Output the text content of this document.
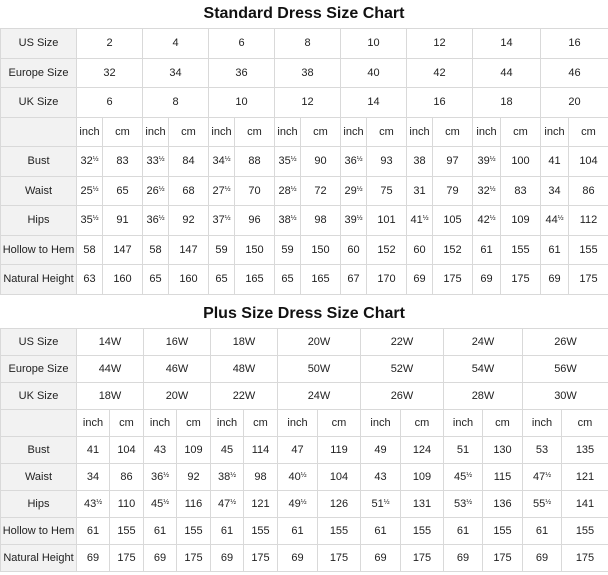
Standard Dress Size Chart
US Size	2		4		6		8		10		12		14		16	
Europe Size	32		34		36		38		40		42		44		46	
UK Size	6		8		10		12		14		16		18		20	
	inch	cm	inch	cm	inch	cm	inch	cm	inch	cm	inch	cm	inch	cm	inch	cm
Bust	$32^{\frac{1}{2}}$	83	$33^{\frac{1}{2}}$	84	$34^{\frac{1}{2}}$	88	$35^{\frac{1}{2}}$	90	$36^{\frac{1}{2}}$	93	38	97	$39^{\frac{1}{2}}$	100	41	104
Waist	$25^{\frac{1}{2}}$	65	$26^{\frac{1}{2}}$	68	$27^{\frac{1}{2}}$	70	$28^{\frac{1}{2}}$	72	$29^{\frac{1}{2}}$	75	31	79	$32^{\frac{1}{2}}$	83	34	86
Hips	$35^{\frac{1}{2}}$	91	$36^{\frac{1}{2}}$	92	$37^{\frac{1}{2}}$	96	$38^{\frac{1}{2}}$	98	$39^{\frac{1}{2}}$	101	$41^{\frac{1}{2}}$	105	$42^{\frac{1}{2}}$	109	$44^{\frac{1}{2}}$	112
Hollow to Hem	58	147	58	147	59	150	59	150	60	152	60	152	61	155	61	155
Natural Height	63	160	65	160	65	165	65	165	67	170	69	175	69	175	69	175
Plus Size Dress Size Chart
US Size	14W		16W		18W		20W		22W		24W		26W	
Europe Size	44W		46W		48W		50W		52W		54W		56W	
UK Size	18W		20W		22W		24W		26W		28W		30W	
	inch	cm	inch	cm	inch	cm	inch	cm	inch	cm	inch	cm	inch	cm
Bust	41	104	43	109	45	114	47	119	49	124	51	130	53	135
Waist	34	86	$36^{\frac{1}{2}}$	92	$38^{\frac{1}{2}}$	98	$40^{\frac{1}{2}}$	104	43	109	$45^{\frac{1}{2}}$	115	$47^{\frac{1}{2}}$	121
Hips	$43^{\frac{1}{2}}$	110	$45^{\frac{1}{2}}$	116	$47^{\frac{1}{2}}$	121	$49^{\frac{1}{2}}$	126	$51^{\frac{1}{2}}$	131	$53^{\frac{1}{2}}$	136	$55^{\frac{1}{2}}$	141
Hollow to Hem	61	155	61	155	61	155	61	155	61	155	61	155	61	155
Natural Height	69	175	69	175	69	175	69	175	69	175	69	175	69	175
